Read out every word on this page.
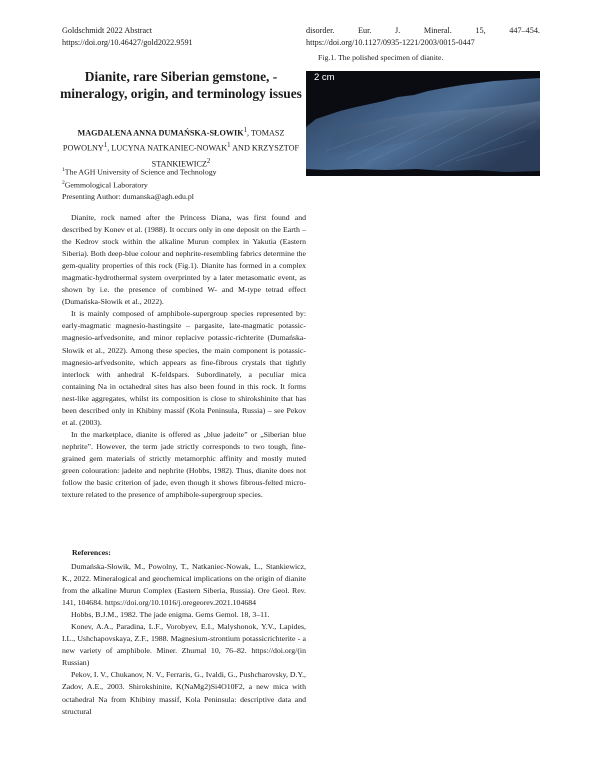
Goldschmidt 2022 Abstract
https://doi.org/10.46427/gold2022.9591
disorder.	Eur.	J.	Mineral.	15,	447–454.
https://doi.org/10.1127/0935-1221/2003/0015-0447
Fig.1. The polished specimen of dianite.
2 cm
Dianite, rare Siberian gemstone, - mineralogy, origin, and terminology issues
MAGDALENA ANNA DUMAŃSKA-SŁOWIK$^1$, TOMASZ POWOLNY$^1$, LUCYNA NATKANIEC-NOWAK$^1$ AND KRZYSZTOF STANKIEWICZ$^2$
$^1$The AGH University of Science and Technology
$^2$Gemmological Laboratory
Presenting Author: dumanska@agh.edu.pl

Dianite, rock named after the Princess Diana, was first found and described by Konev et al. (1988). It occurs only in one deposit on the Earth – the Kedrov stock within the alkaline Murun complex in Yakutia (Eastern Siberia). Both deep-blue colour and nephrite-resembling fabrics determine the gem-quality properties of this rock (Fig.1). Dianite has formed in a complex magmatic-hydrothermal system overprinted by a later metasomatic event, as shown by i.e. the presence of combined W- and M-type tetrad effect (Dumańska-Słowik et al., 2022).

It is mainly composed of amphibole-supergroup species represented by: early-magmatic magnesio-hastingsite – pargasite, late-magmatic potassic-magnesio-arfvedsonite, and minor replacive potassic-richterite (Dumańska-Słowik et al., 2022). Among these species, the main component is potassic-magnesio-arfvedsonite, which appears as fine-fibrous crystals that tightly interlock with anhedral K-feldspars. Subordinately, a peculiar mica containing Na in octahedral sites has also been found in this rock. It forms nest-like aggregates, whilst its composition is close to shirokshinite that has been described only in Khibiny massif (Kola Peninsula, Russia) – see Pekov et al. (2003).

In the marketplace, dianite is offered as „blue jadeite” or „Siberian blue nephrite”. However, the term jade strictly corresponds to two tough, fine-grained gem materials of strictly metamorphic affinity and mostly muted green colouration: jadeite and nephrite (Hobbs, 1982). Thus, dianite does not follow the basic criterion of jade, even though it shows fibrous-felted micro-texture related to the presence of amphibole-supergroup species.

References:

Dumańska-Słowik, M., Powolny, T., Natkaniec-Nowak, L., Stankiewicz, K., 2022. Mineralogical and geochemical implications on the origin of dianite from the alkaline Murun Complex (Eastern Siberia, Russia). Ore Geol. Rev. 141, 104684. https://doi.org/10.1016/j.oregeorev.2021.104684

Hobbs, B.J.M., 1982. The jade enigma. Gems Gemol. 18, 3–11.

Konev, A.A., Paradina, L.F., Vorobyev, E.I., Malyshonok, Y.V., Lapides, I.L., Ushchapovskaya, Z.F., 1988. Magnesium-strontium potassicrichterite - a new variety of amphibole. Miner. Zhurnal 10, 76–82. https://doi.org/(in Russian)

Pekov, I. V., Chukanov, N. V., Ferraris, G., Ivaldi, G., Pushcharovsky, D.Y., Zadov, A.E., 2003. Shirokshinite, K(NaMg2)Si4O10F2, a new mica with octahedral Na from Khibiny massif, Kola Peninsula: descriptive data and structural
